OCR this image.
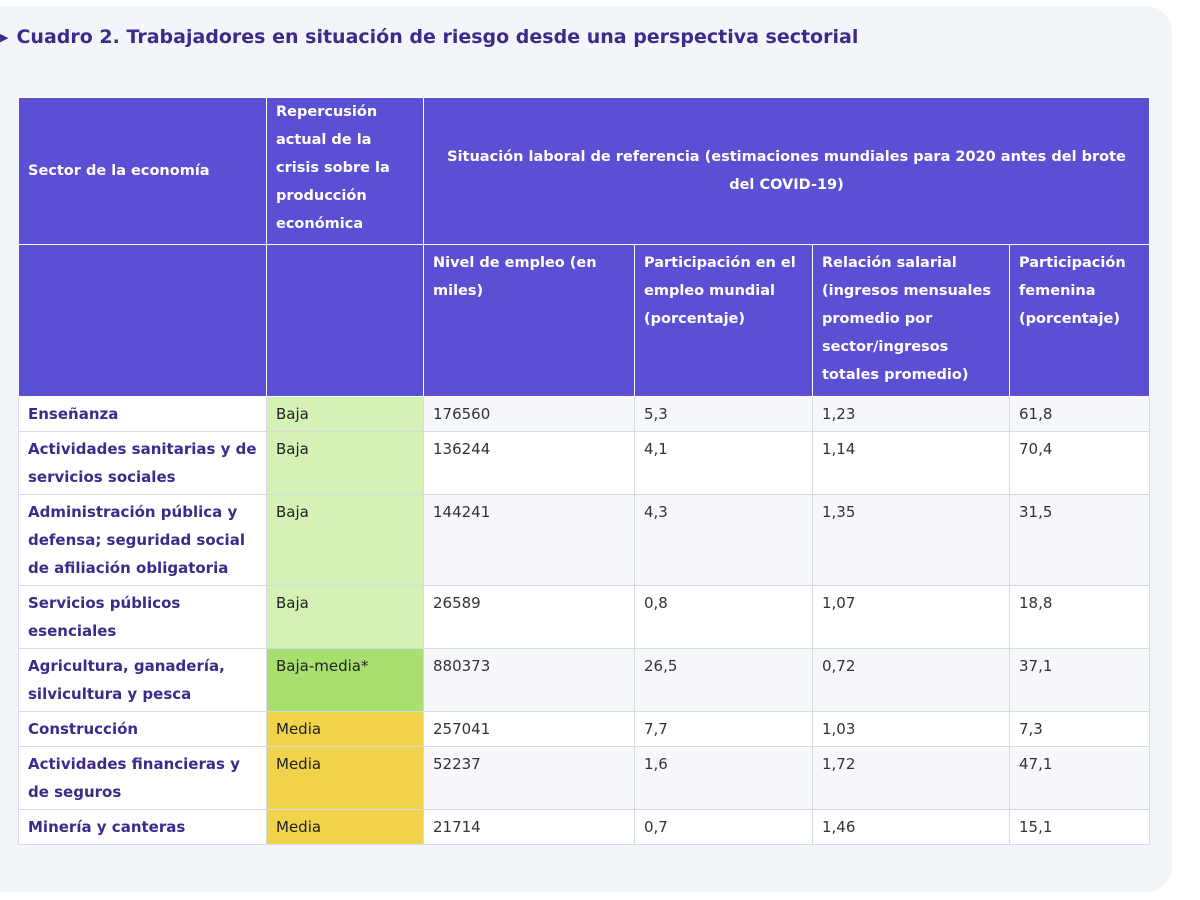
▶ Cuadro 2. Trabajadores en situación de riesgo desde una perspectiva sectorial
Sector de la economía	Repercusión actual de la crisis sobre la producción económica	Situación laboral de referencia (estimaciones mundiales para 2020 antes del brote del COVID-19)			
		Nivel de empleo (en miles)	Participación en el empleo mundial (porcentaje)	Relación salarial (ingresos mensuales promedio por sector/ingresos totales promedio)	Participación femenina (porcentaje)
Enseñanza	Baja	176560	5,3	1,23	61,8
Actividades sanitarias y de servicios sociales	Baja	136244	4,1	1,14	70,4
Administración pública y defensa; seguridad social de afiliación obligatoria	Baja	144241	4,3	1,35	31,5
Servicios públicos esenciales	Baja	26589	0,8	1,07	18,8
Agricultura, ganadería, silvicultura y pesca	Baja-media*	880373	26,5	0,72	37,1
Construcción	Media	257041	7,7	1,03	7,3
Actividades financieras y de seguros	Media	52237	1,6	1,72	47,1
Minería y canteras	Media	21714	0,7	1,46	15,1
